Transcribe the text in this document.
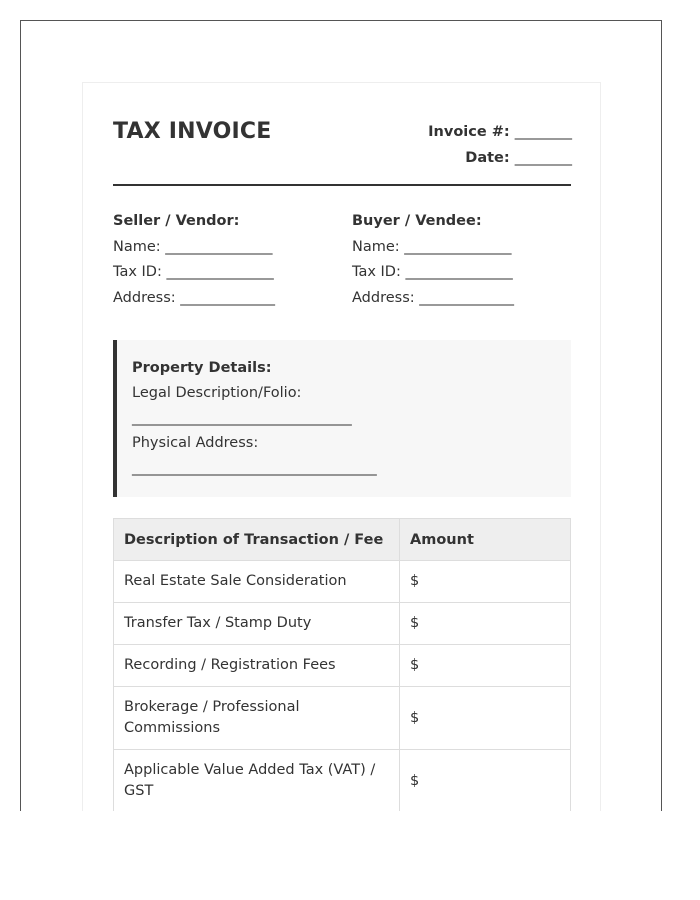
TAX INVOICE	Invoice #: _________
Date: _________
Seller / Vendor:
Name: _________________
Tax ID: _________________
Address: _______________
Buyer / Vendee:
Name: _________________
Tax ID: _________________
Address: _______________
Property Details:
Legal Description/Folio:
___________________________________
Physical Address:
_______________________________________
Description of Transaction / Fee	Amount
Real Estate Sale Consideration	$
Transfer Tax / Stamp Duty	$
Recording / Registration Fees	$
Brokerage / Professional Commissions	$
Applicable Value Added Tax (VAT) / GST	$
